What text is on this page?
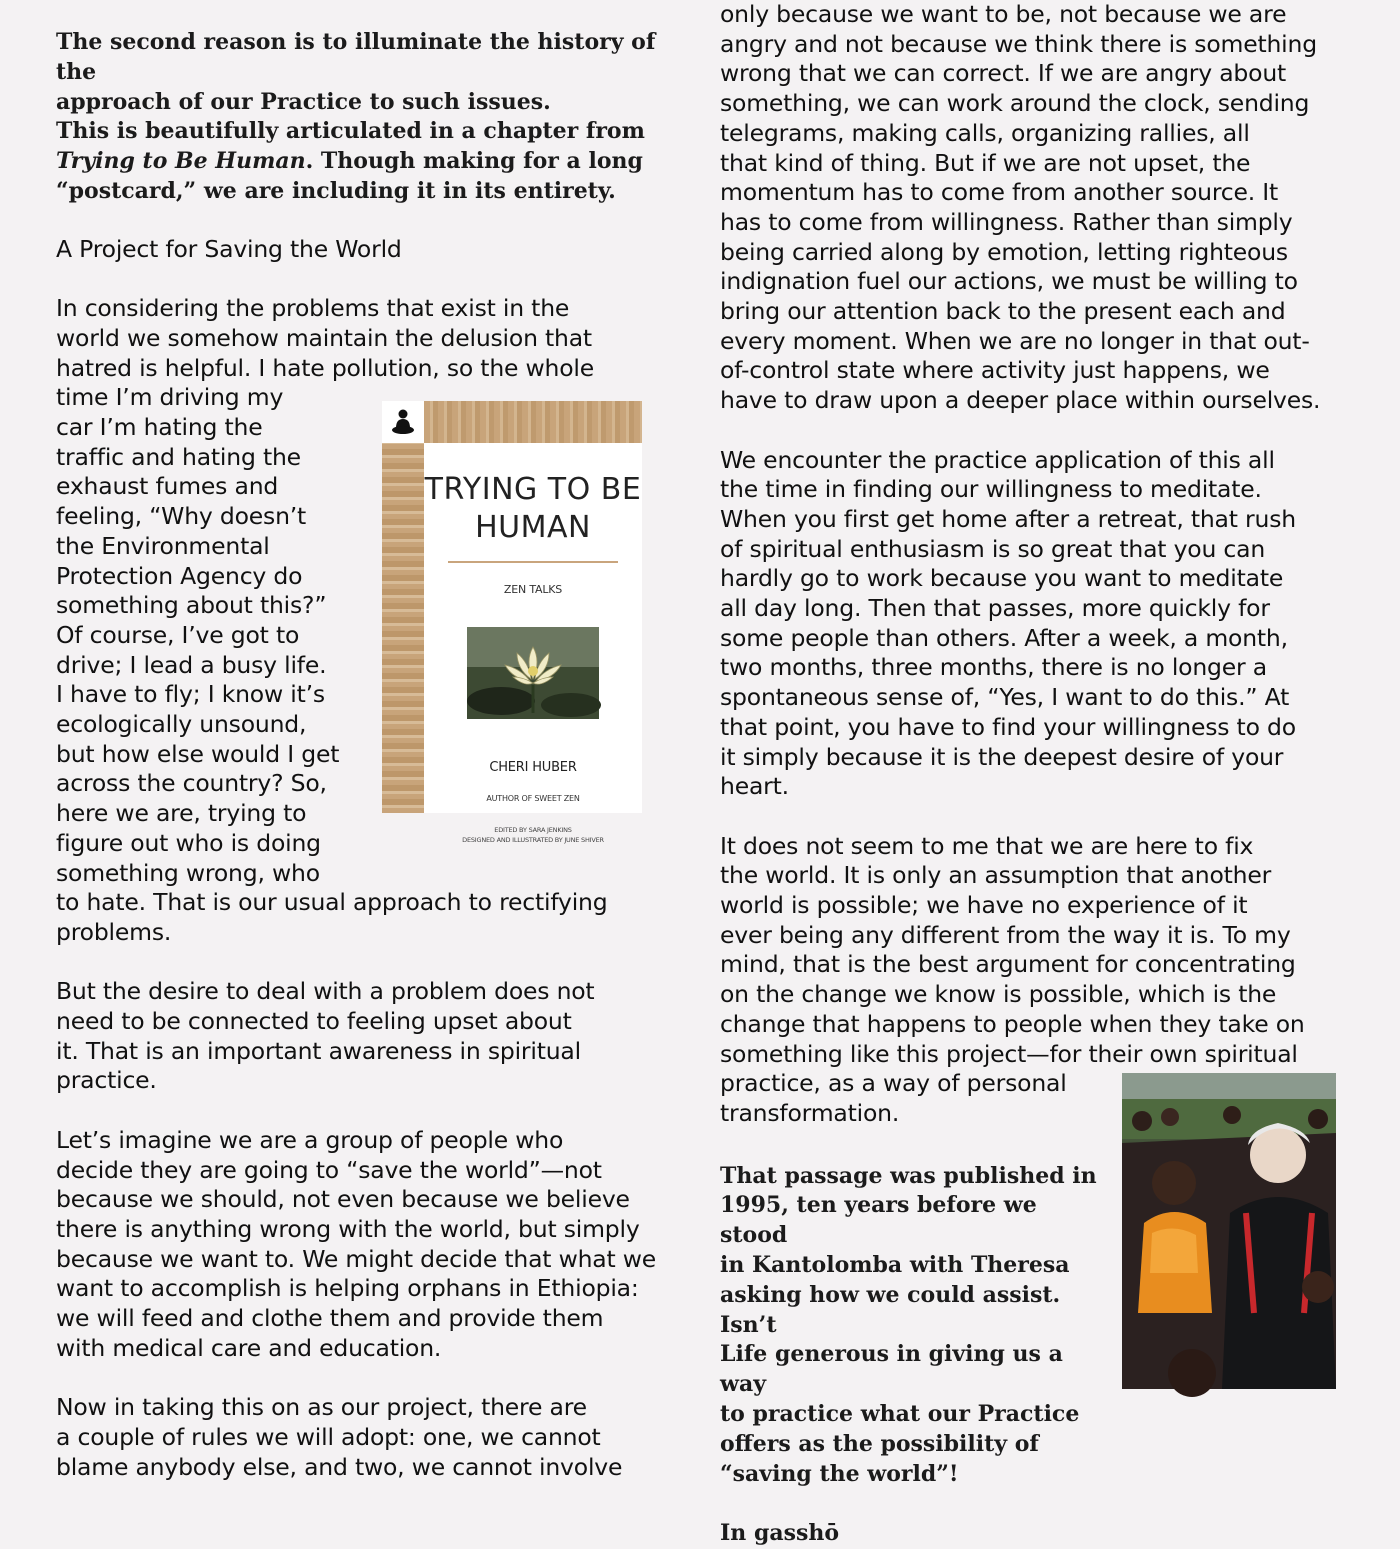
The second reason is to illuminate the history of the

approach of our Practice to such issues.

This is beautifully articulated in a chapter from

Trying to Be Human. Though making for a long

“postcard,” we are including it in its entirety.

A Project for Saving the World

In considering the problems that exist in the

world we somehow maintain the delusion that

hatred is helpful. I hate pollution, so the whole

TRYING TO BE
HUMAN
ZEN TALKS
CHERI HUBER
AUTHOR OF SWEET ZEN
EDITED BY SARA JENKINS
DESIGNED AND ILLUSTRATED BY JUNE SHIVER

time I’m driving my

car I’m hating the

traffic and hating the

exhaust fumes and

feeling, “Why doesn’t

the Environmental

Protection Agency do

something about this?”

Of course, I’ve got to

drive; I lead a busy life.

I have to fly; I know it’s

ecologically unsound,

but how else would I get

across the country? So,

here we are, trying to

figure out who is doing

something wrong, who

to hate. That is our usual approach to rectifying

problems.

But the desire to deal with a problem does not

need to be connected to feeling upset about

it. That is an important awareness in spiritual

practice.

Let’s imagine we are a group of people who

decide they are going to “save the world”—not

because we should, not even because we believe

there is anything wrong with the world, but simply

because we want to. We might decide that what we

want to accomplish is helping orphans in Ethiopia:

we will feed and clothe them and provide them

with medical care and education.

Now in taking this on as our project, there are

a couple of rules we will adopt: one, we cannot

blame anybody else, and two, we cannot involve

only because we want to be, not because we are

angry and not because we think there is something

wrong that we can correct. If we are angry about

something, we can work around the clock, sending

telegrams, making calls, organizing rallies, all

that kind of thing. But if we are not upset, the

momentum has to come from another source. It

has to come from willingness. Rather than simply

being carried along by emotion, letting righteous

indignation fuel our actions, we must be willing to

bring our attention back to the present each and

every moment. When we are no longer in that out-

of-control state where activity just happens, we

have to draw upon a deeper place within ourselves.

We encounter the practice application of this all

the time in finding our willingness to meditate.

When you first get home after a retreat, that rush

of spiritual enthusiasm is so great that you can

hardly go to work because you want to meditate

all day long. Then that passes, more quickly for

some people than others. After a week, a month,

two months, three months, there is no longer a

spontaneous sense of, “Yes, I want to do this.” At

that point, you have to find your willingness to do

it simply because it is the deepest desire of your

heart.

It does not seem to me that we are here to fix

the world. It is only an assumption that another

world is possible; we have no experience of it

ever being any different from the way it is. To my

mind, that is the best argument for concentrating

on the change we know is possible, which is the

change that happens to people when they take on

something like this project—for their own spiritual

practice, as a way of personal

transformation.

That passage was published in

1995, ten years before we stood

in Kantolomba with Theresa

asking how we could assist. Isn’t

Life generous in giving us a way

to practice what our Practice

offers as the possibility of

“saving the world”!

In gasshō
